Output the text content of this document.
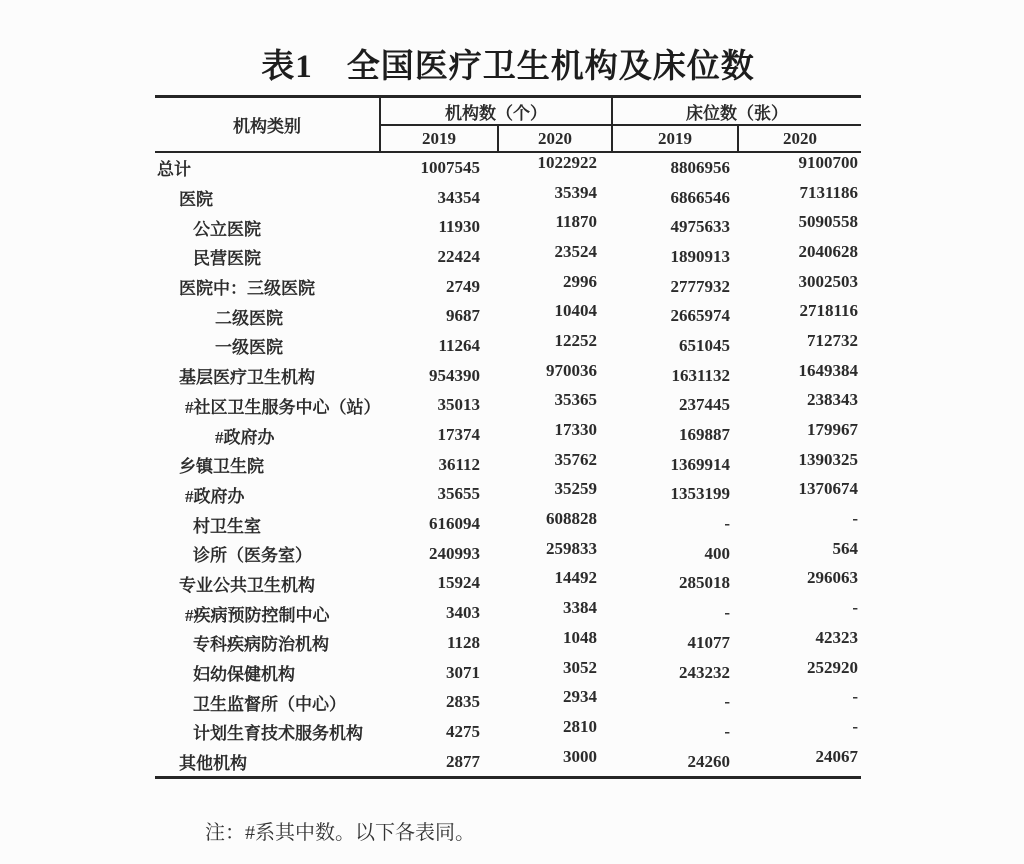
表1　全国医疗卫生机构及床位数
机构类别	机构数（个）		床位数（张）	
	2019	2020	2019	2020
总计	1007545	1022922	8806956	9100700
医院	34354	35394	6866546	7131186
公立医院	11930	11870	4975633	5090558
民营医院	22424	23524	1890913	2040628
医院中：三级医院	2749	2996	2777932	3002503
二级医院	9687	10404	2665974	2718116
一级医院	11264	12252	651045	712732
基层医疗卫生机构	954390	970036	1631132	1649384
#社区卫生服务中心（站）	35013	35365	237445	238343
#政府办	17374	17330	169887	179967
乡镇卫生院	36112	35762	1369914	1390325
#政府办	35655	35259	1353199	1370674
村卫生室	616094	608828	-	-
诊所（医务室）	240993	259833	400	564
专业公共卫生机构	15924	14492	285018	296063
#疾病预防控制中心	3403	3384	-	-
专科疾病防治机构	1128	1048	41077	42323
妇幼保健机构	3071	3052	243232	252920
卫生监督所（中心）	2835	2934	-	-
计划生育技术服务机构	4275	2810	-	-
其他机构	2877	3000	24260	24067
注：#系其中数。以下各表同。
